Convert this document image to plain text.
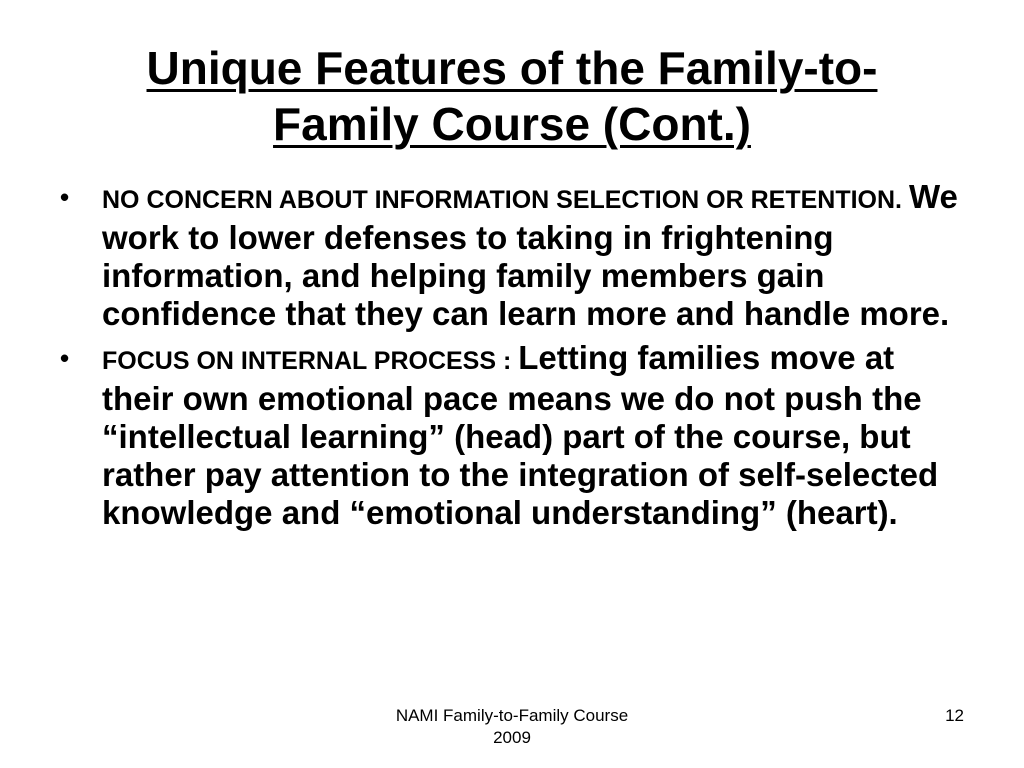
Unique Features of the Family-to-
Family Course (Cont.)
• NO CONCERN ABOUT INFORMATION SELECTION OR RETENTION. We work to lower defenses to taking in frightening information, and helping family members gain confidence that they can learn more and handle more.
• FOCUS ON INTERNAL PROCESS : Letting families move at their own emotional pace means we do not push the “intellectual learning” (head) part of the course, but rather pay attention to the integration of self-selected knowledge and “emotional understanding” (heart).
NAMI Family-to-Family Course
2009
12
